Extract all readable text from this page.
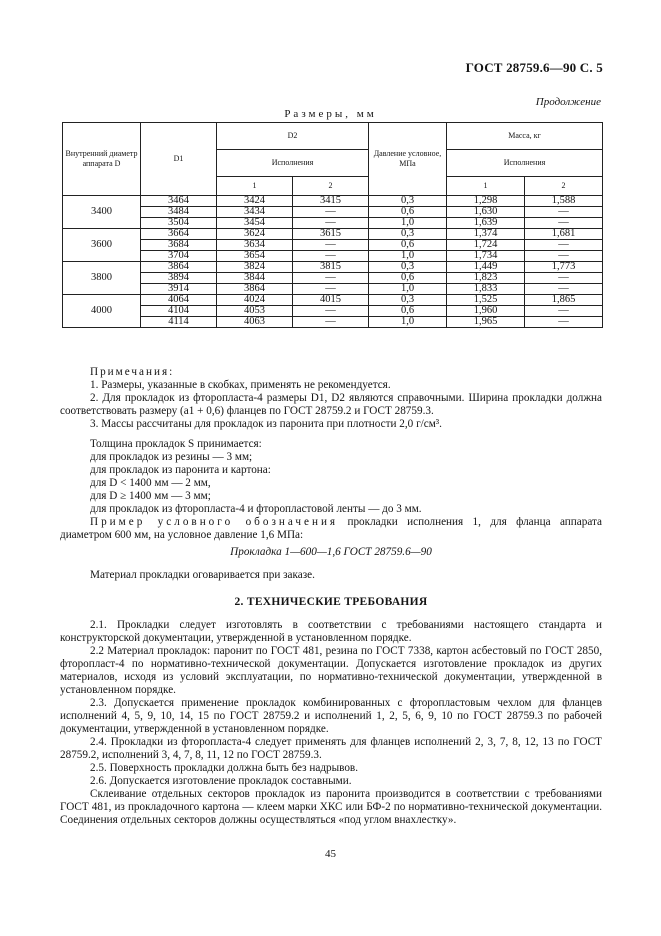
ГОСТ 28759.6—90 С. 5
Продолжение
Размеры, мм
Внутренний диаметр аппарата D	D1	D2		Давление условное, МПа	Масса, кг	
		Исполнения			Исполнения	
		1	2		1	2
3400	3464	3424	3415	0,3	1,298	1,588
	3484	3434	—	0,6	1,630	—
	3504	3454	—	1,0	1,639	—
3600	3664	3624	3615	0,3	1,374	1,681
	3684	3634	—	0,6	1,724	—
	3704	3654	—	1,0	1,734	—
3800	3864	3824	3815	0,3	1,449	1,773
	3894	3844	—	0,6	1,823	—
	3914	3864	—	1,0	1,833	—
4000	4064	4024	4015	0,3	1,525	1,865
	4104	4053	—	0,6	1,960	—
	4114	4063	—	1,0	1,965	—

Примечания:

1. Размеры, указанные в скобках, применять не рекомендуется.

2. Для прокладок из фторопласта-4 размеры D1, D2 являются справочными. Ширина прокладки должна соответствовать размеру (a1 + 0,6) фланцев по ГОСТ 28759.2 и ГОСТ 28759.3.

3. Массы рассчитаны для прокладок из паронита при плотности 2,0 г/см³.

Толщина прокладок S принимается:

для прокладок из резины — 3 мм;

для прокладок из паронита и картона:

для D < 1400 мм — 2 мм,

для D ≥ 1400 мм — 3 мм;

для прокладок из фторопласта-4 и фторопластовой ленты — до 3 мм.

Пример условного обозначения прокладки исполнения 1, для фланца аппарата диаметром 600 мм, на условное давление 1,6 МПа:

Прокладка 1—600—1,6 ГОСТ 28759.6—90

Материал прокладки оговаривается при заказе.

2. ТЕХНИЧЕСКИЕ ТРЕБОВАНИЯ

2.1. Прокладки следует изготовлять в соответствии с требованиями настоящего стандарта и конструкторской документации, утвержденной в установленном порядке.

2.2 Материал прокладок: паронит по ГОСТ 481, резина по ГОСТ 7338, картон асбестовый по ГОСТ 2850, фторопласт-4 по нормативно-технической документации. Допускается изготовление прокладок из других материалов, исходя из условий эксплуатации, по нормативно-технической документации, утвержденной в установленном порядке.

2.3. Допускается применение прокладок комбинированных с фторопластовым чехлом для фланцев исполнений 4, 5, 9, 10, 14, 15 по ГОСТ 28759.2 и исполнений 1, 2, 5, 6, 9, 10 по ГОСТ 28759.3 по рабочей документации, утвержденной в установленном порядке.

2.4. Прокладки из фторопласта-4 следует применять для фланцев исполнений 2, 3, 7, 8, 12, 13 по ГОСТ 28759.2, исполнений 3, 4, 7, 8, 11, 12 по ГОСТ 28759.3.

2.5. Поверхность прокладки должна быть без надрывов.

2.6. Допускается изготовление прокладок составными.

Склеивание отдельных секторов прокладок из паронита производится в соответствии с требованиями ГОСТ 481, из прокладочного картона — клеем марки ХКС или БФ-2 по нормативно-технической документации. Соединения отдельных секторов должны осуществляться «под углом внахлестку».

45
